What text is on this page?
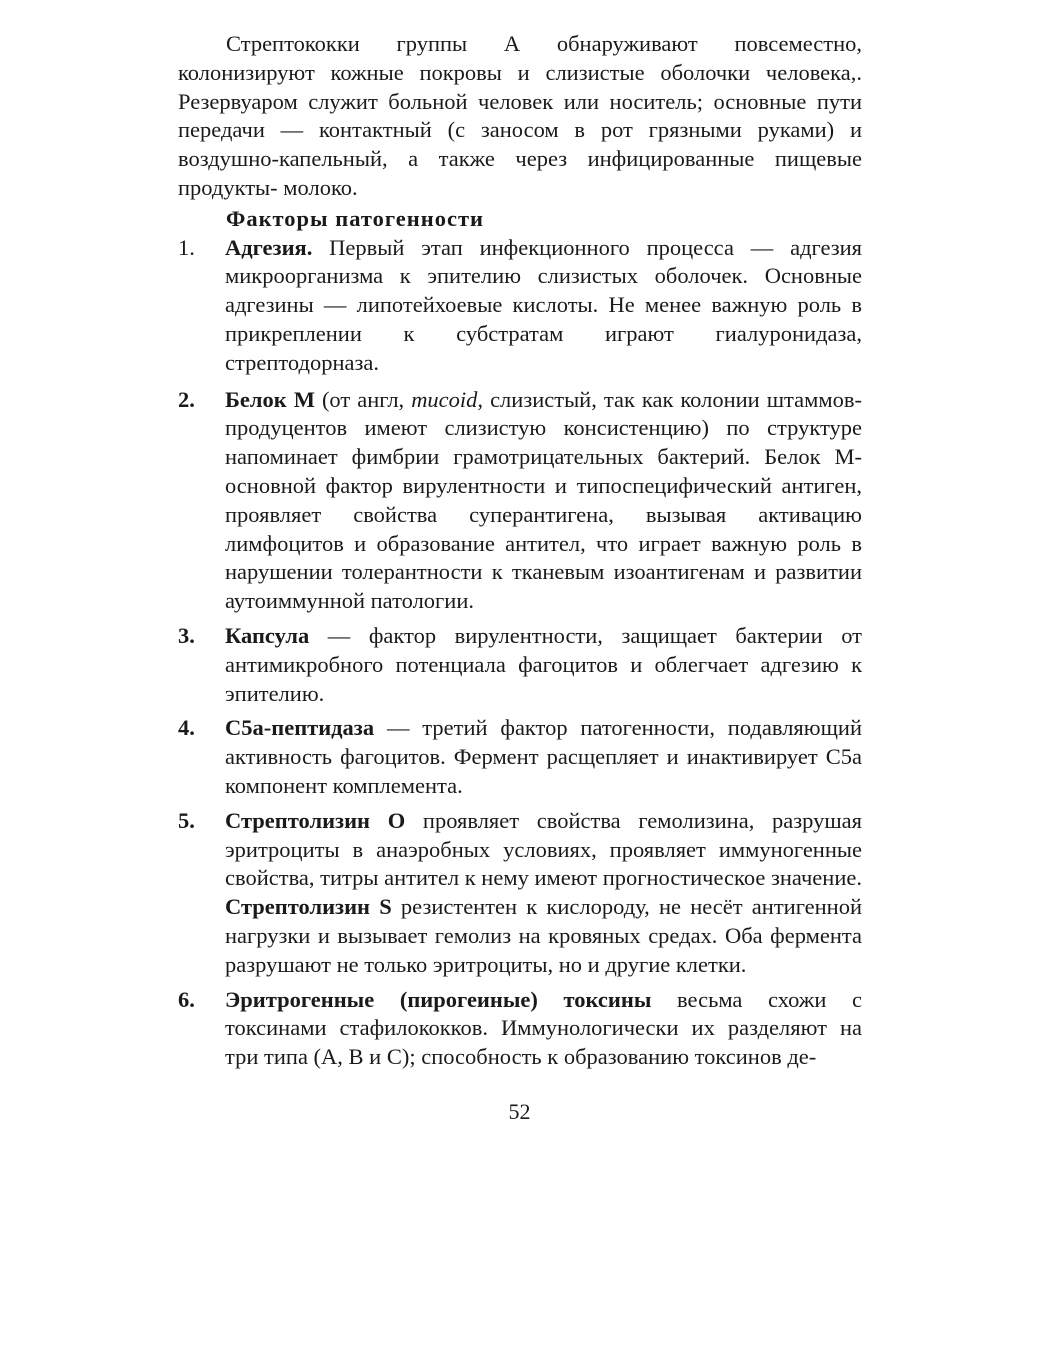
Стрептококки группы А обнаруживают повсеместно, колонизируют кожные покровы и слизистые оболочки человека,. Резервуаром служит больной человек или носитель; основные пути передачи — контактный (с заносом в рот грязными руками) и воздушно-капельный, а также через инфицированные пищевые продукты- молоко.

Факторы патогенности
1. Адгезия. Первый этап инфекционного процесса — адгезия микроорганизма к эпителию слизистых оболочек. Основные адгезины — липотейхоевые кислоты. Не менее важную роль в прикреплении к субстратам играют гиалуронидаза, стрептодорназа.
2. Белок М (от англ, mucoid, слизистый, так как колонии штаммов-продуцентов имеют слизистую консистенцию) по структуре напоминает фимбрии грамотрицательных бактерий. Белок М-основной фактор вирулентности и типоспецифический антиген, проявляет свойства суперантигена, вызывая активацию лимфоцитов и образование антител, что играет важную роль в нарушении толерантности к тканевым изоантигенам и развитии аутоиммунной патологии.
3. Капсула — фактор вирулентности, защищает бактерии от антимикробного потенциала фагоцитов и облегчает адгезию к эпителию.
4. С5а-пептидаза — третий фактор патогенности, подавляющий активность фагоцитов. Фермент расщепляет и инактивирует С5а компонент комплемента.
5. Стрептолизин О проявляет свойства гемолизина, разрушая эритроциты в анаэробных условиях, проявляет иммуногенные свойства, титры антител к нему имеют прогностическое значение. Стрептолизин S резистентен к кислороду, не несёт антигенной нагрузки и вызывает гемолиз на кровяных средах. Оба фермента разрушают не только эритроциты, но и другие клетки.
6. Эритрогенные (пирогеиные) токсины весьма схожи с токсинами стафилококков. Иммунологически их разделяют на три типа (А, В и С); способность к образованию токсинов де-
52
